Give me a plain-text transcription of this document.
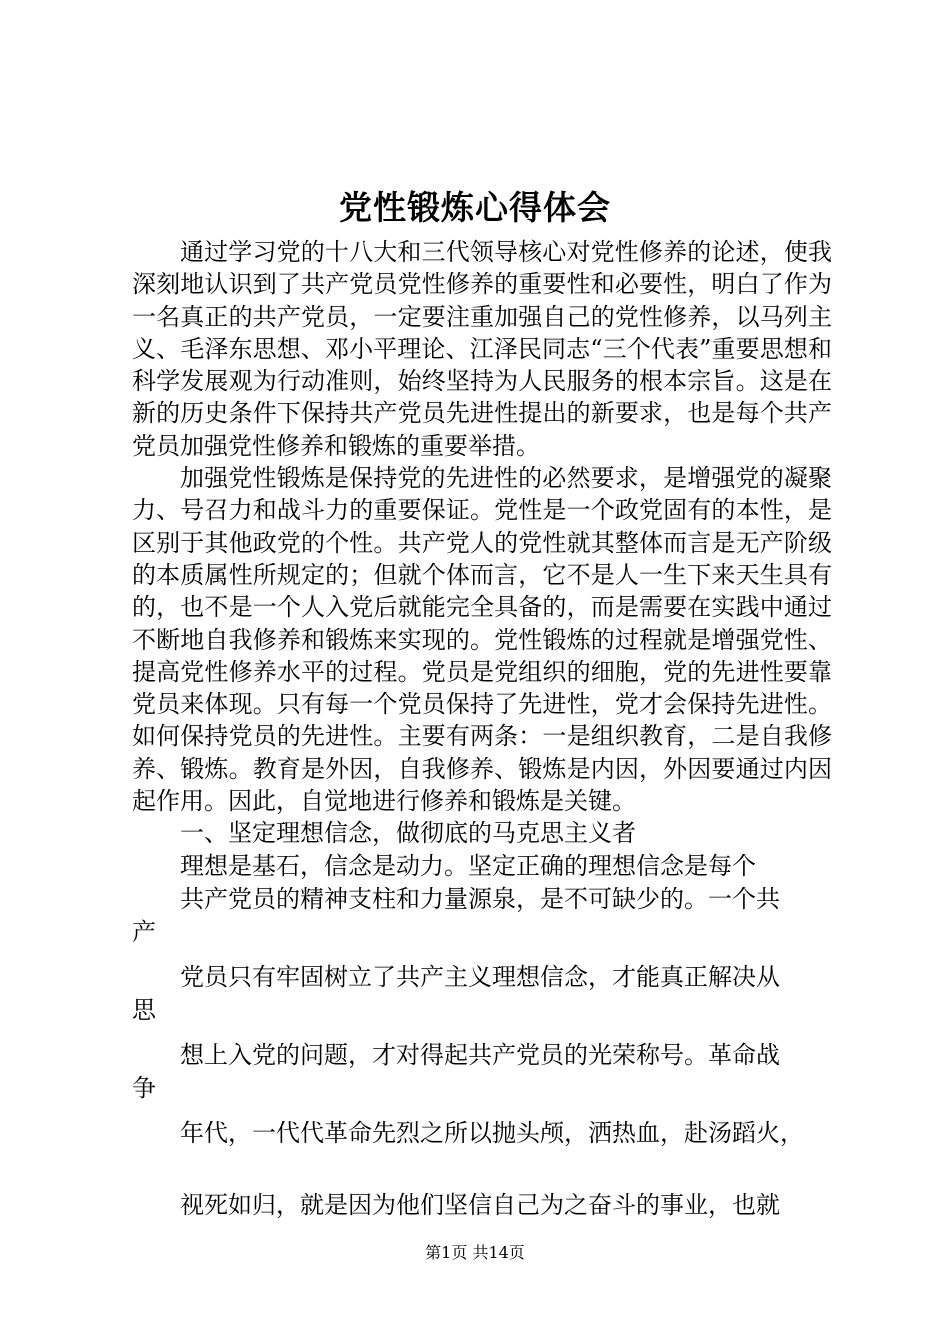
党性锻炼心得体会

通过学习党的十八大和三代领导核心对党性修养的论述，使我深刻地认识到了共产党员党性修养的重要性和必要性，明白了作为一名真正的共产党员，一定要注重加强自己的党性修养，以马列主义、毛泽东思想、邓小平理论、江泽民同志“三个代表”重要思想和科学发展观为行动准则，始终坚持为人民服务的根本宗旨。这是在新的历史条件下保持共产党员先进性提出的新要求，也是每个共产党员加强党性修养和锻炼的重要举措。

加强党性锻炼是保持党的先进性的必然要求，是增强党的凝聚力、号召力和战斗力的重要保证。党性是一个政党固有的本性，是区别于其他政党的个性。共产党人的党性就其整体而言是无产阶级的本质属性所规定的；但就个体而言，它不是人一生下来天生具有的，也不是一个人入党后就能完全具备的，而是需要在实践中通过不断地自我修养和锻炼来实现的。党性锻炼的过程就是增强党性、提高党性修养水平的过程。党员是党组织的细胞，党的先进性要靠党员来体现。只有每一个党员保持了先进性，党才会保持先进性。如何保持党员的先进性。主要有两条：一是组织教育，二是自我修养、锻炼。教育是外因，自我修养、锻炼是内因，外因要通过内因起作用。因此，自觉地进行修养和锻炼是关键。

一、坚定理想信念，做彻底的马克思主义者

理想是基石，信念是动力。坚定正确的理想信念是每个
共产党员的精神支柱和力量源泉，是不可缺少的。一个共
产
党员只有牢固树立了共产主义理想信念，才能真正解决从
思
想上入党的问题，才对得起共产党员的光荣称号。革命战
争
年代，一代代革命先烈之所以抛头颅，洒热血，赴汤蹈火，
视死如归，就是因为他们坚信自己为之奋斗的事业，也就
第1页 共14页
